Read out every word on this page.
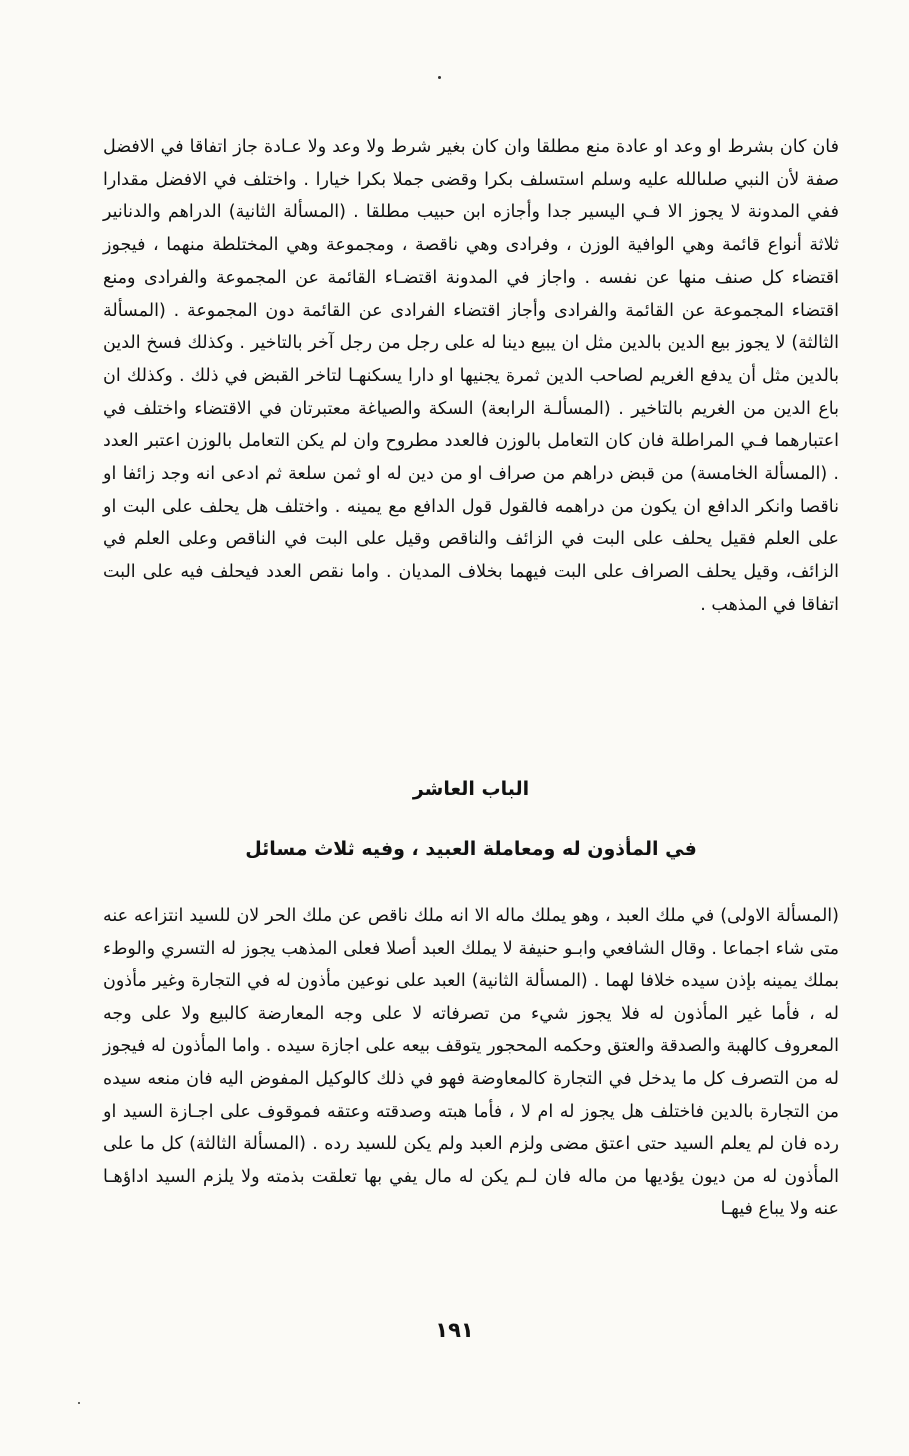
فان كان بشرط او وعد او عادة منع مطلقا وان كان بغير شرط ولا وعد ولا عـادة جاز اتفاقا في الافضل صفة لأن النبي صلىالله عليه وسلم استسلف بكرا وقضى جملا بكرا خيارا . واختلف في الافضل مقدارا ففي المدونة لا يجوز الا فـي اليسير جدا وأجازه ابن حبيب مطلقا . (المسألة الثانية) الدراهم والدنانير ثلاثة أنواع قائمة وهي الوافية الوزن ، وفرادى وهي ناقصة ، ومجموعة وهي المختلطة منهما ، فيجوز اقتضاء كل صنف منها عن نفسه . واجاز في المدونة اقتضـاء القائمة عن المجموعة والفرادى ومنع اقتضاء المجموعة عن القائمة والفرادى وأجاز اقتضاء الفرادى عن القائمة دون المجموعة . (المسألة الثالثة) لا يجوز بيع الدين بالدين مثل ان يبيع دينا له على رجل من رجل آخر بالتاخير . وكذلك فسخ الدين بالدين مثل أن يدفع الغريم لصاحب الدين ثمرة يجنيها او دارا يسكنهـا لتاخر القبض في ذلك . وكذلك ان باع الدين من الغريم بالتاخير . (المسألـة الرابعة) السكة والصياغة معتبرتان في الاقتضاء واختلف في اعتبارهما فـي المراطلة فان كان التعامل بالوزن فالعدد مطروح وان لم يكن التعامل بالوزن اعتبر العدد . (المسألة الخامسة) من قبض دراهم من صراف او من دين له او ثمن سلعة ثم ادعى انه وجد زائفا او ناقصا وانكر الدافع ان يكون من دراهمه فالقول قول الدافع مع يمينه . واختلف هل يحلف على البت او على العلم فقيل يحلف على البت في الزائف والناقص وقيل على البت في الناقص وعلى العلم في الزائف، وقيل يحلف الصراف على البت فيهما بخلاف المديان . واما نقص العدد فيحلف فيه على البت اتفاقا في المذهب .

الباب العاشر
في المأذون له ومعاملة العبيد ، وفيه ثلاث مسائل

(المسألة الاولى) في ملك العبد ، وهو يملك ماله الا انه ملك ناقص عن ملك الحر لان للسيد انتزاعه عنه متى شاء اجماعا . وقال الشافعي وابـو حنيفة لا يملك العبد أصلا فعلى المذهب يجوز له التسري والوطء بملك يمينه بإذن سيده خلافا لهما . (المسألة الثانية) العبد على نوعين مأذون له في التجارة وغير مأذون له ، فأما غير المأذون له فلا يجوز شيء من تصرفاته لا على وجه المعارضة كالبيع ولا على وجه المعروف كالهبة والصدقة والعتق وحكمه المحجور يتوقف بيعه على اجازة سيده . واما المأذون له فيجوز له من التصرف كل ما يدخل في التجارة كالمعاوضة فهو في ذلك كالوكيل المفوض اليه فان منعه سيده من التجارة بالدين فاختلف هل يجوز له ام لا ، فأما هبته وصدقته وعتقه فموقوف على اجـازة السيد او رده فان لم يعلم السيد حتى اعتق مضى ولزم العبد ولم يكن للسيد رده . (المسألة الثالثة) كل ما على المأذون له من ديون يؤديها من ماله فان لـم يكن له مال يفي بها تعلقت بذمته ولا يلزم السيد اداؤهـا عنه ولا يباع فيهـا

١٩١
